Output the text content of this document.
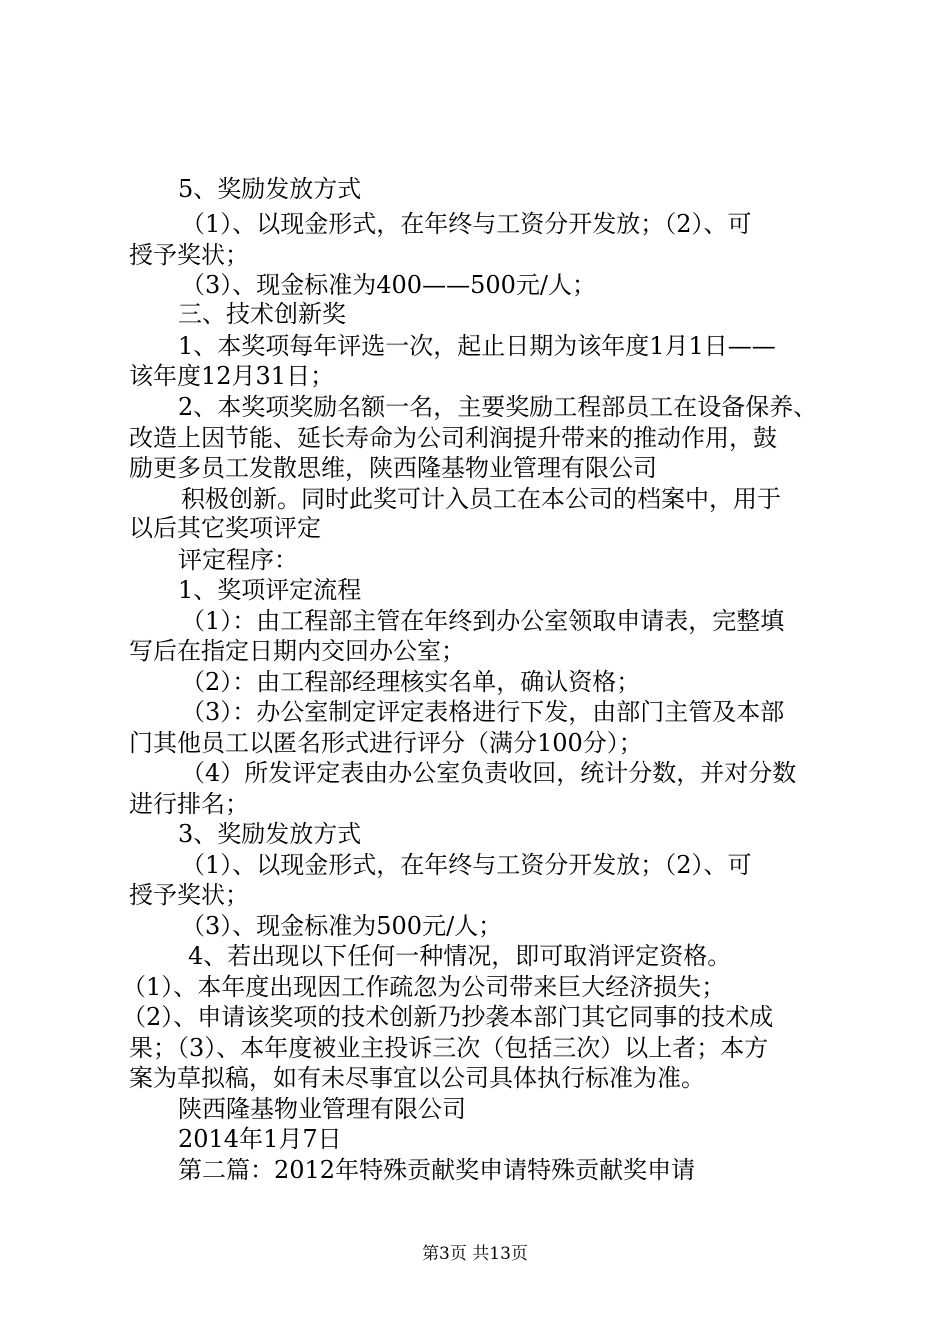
5、奖励发放方式
（1）、以现金形式，在年终与工资分开发放；（2）、可
授予奖状；
（3）、现金标准为400——500元/人；
三、技术创新奖
1、本奖项每年评选一次，起止日期为该年度1月1日——
该年度12月31日；
2、本奖项奖励名额一名，主要奖励工程部员工在设备保养、
改造上因节能、延长寿命为公司利润提升带来的推动作用，鼓
励更多员工发散思维，陕西隆基物业管理有限公司
积极创新。同时此奖可计入员工在本公司的档案中，用于
以后其它奖项评定
评定程序：
1、奖项评定流程
（1）：由工程部主管在年终到办公室领取申请表，完整填
写后在指定日期内交回办公室；
（2）：由工程部经理核实名单，确认资格；
（3）：办公室制定评定表格进行下发，由部门主管及本部
门其他员工以匿名形式进行评分（满分100分）；
（4）所发评定表由办公室负责收回，统计分数，并对分数
进行排名；
3、奖励发放方式
（1）、以现金形式，在年终与工资分开发放；（2）、可
授予奖状；
（3）、现金标准为500元/人；
4、若出现以下任何一种情况，即可取消评定资格。
（1）、本年度出现因工作疏忽为公司带来巨大经济损失；
（2）、申请该奖项的技术创新乃抄袭本部门其它同事的技术成
果；（3）、本年度被业主投诉三次（包括三次）以上者；本方
案为草拟稿，如有未尽事宜以公司具体执行标准为准。
陕西隆基物业管理有限公司
2014年1月7日
第二篇：2012年特殊贡献奖申请特殊贡献奖申请
第3页 共13页
